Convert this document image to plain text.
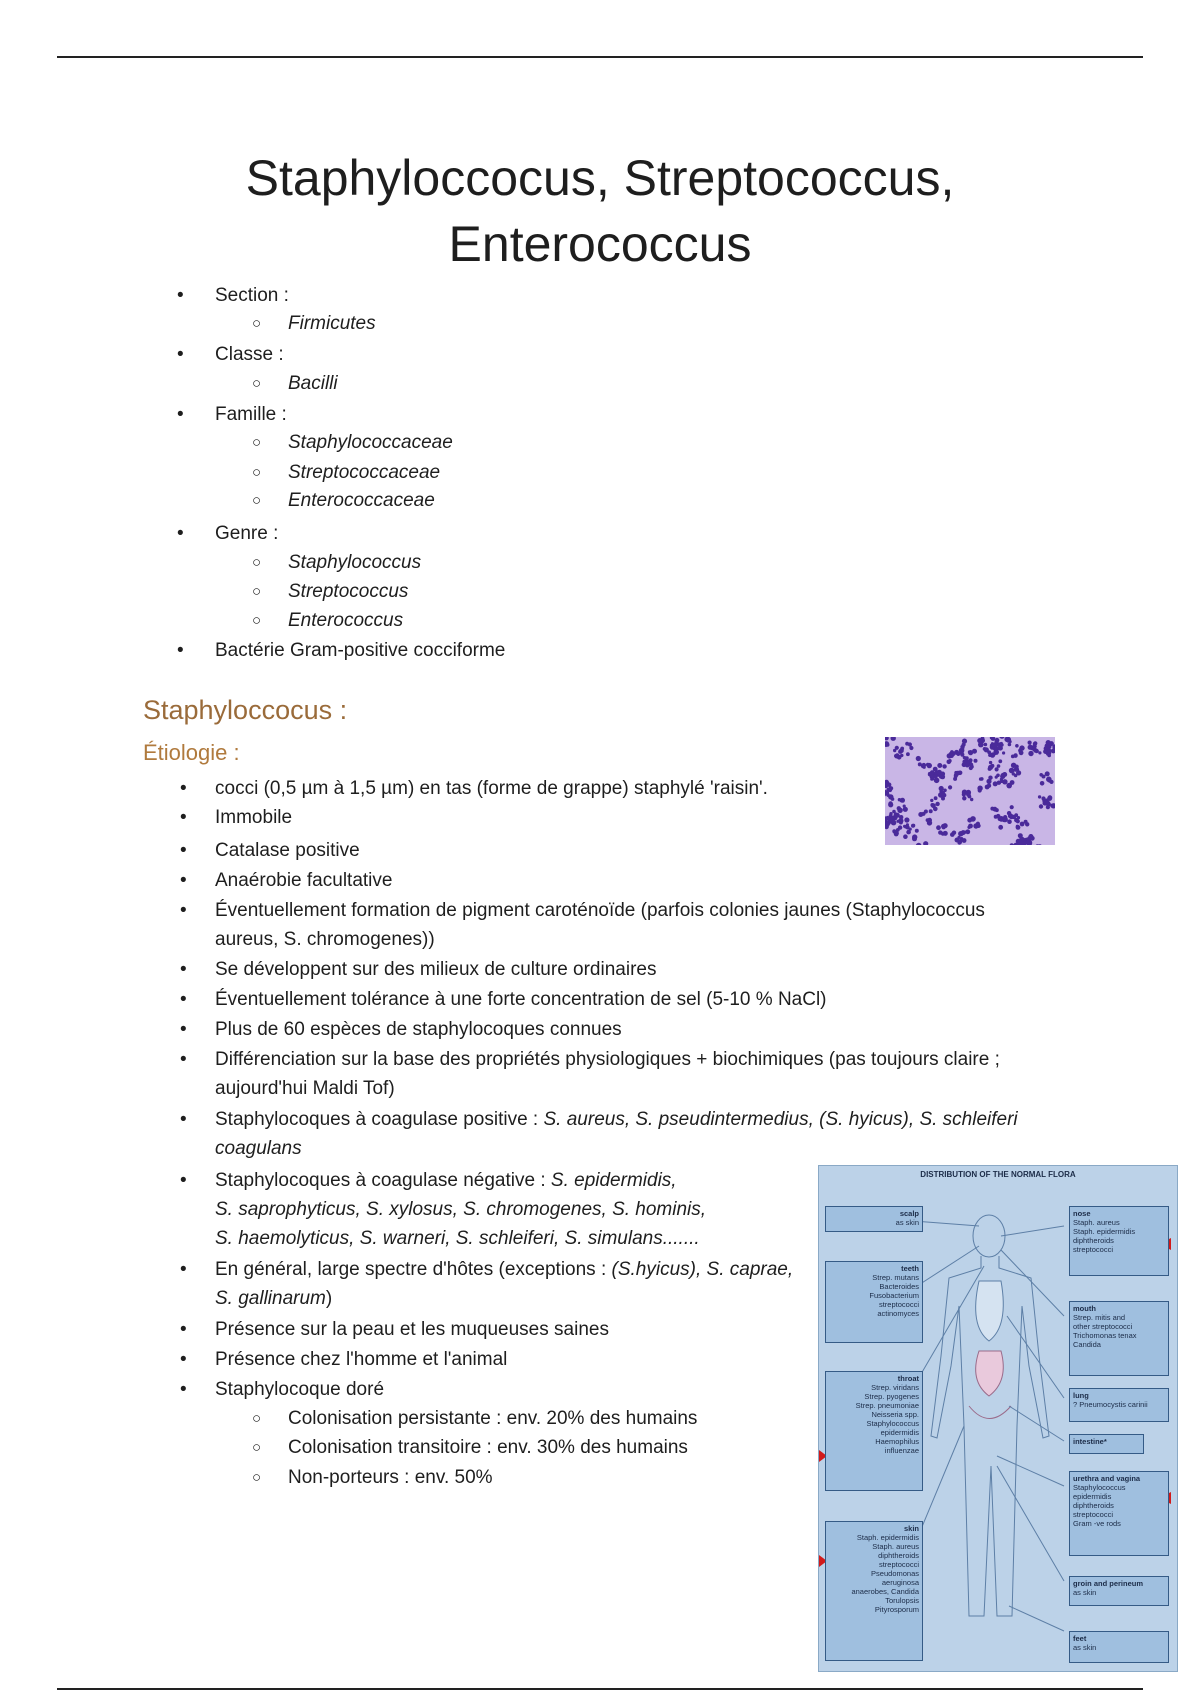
Staphyloccocus, Streptococcus,
Enterococcus
Section :
○ Firmicutes
Classe :
○ Bacilli
Famille :
○ Staphylococcaceae
○ Streptococcaceae
○ Enterococcaceae
Genre :
○ Staphylococcus
○ Streptococcus
○ Enterococcus
Bactérie Gram-positive cocciforme
Staphyloccocus :
Étiologie :
• cocci (0,5 µm à 1,5 µm) en tas (forme de grappe) staphylé 'raisin'.
• Immobile
• Catalase positive
• Anaérobie facultative
• Éventuellement formation de pigment caroténoïde (parfois colonies jaunes (Staphylococcus
aureus, S. chromogenes))
• Se développent sur des milieux de culture ordinaires
• Éventuellement tolérance à une forte concentration de sel (5-10 % NaCl)
• Plus de 60 espèces de staphylocoques connues
• Différenciation sur la base des propriétés physiologiques + biochimiques (pas toujours claire ;
aujourd'hui Maldi Tof)
• Staphylocoques à coagulase positive : S. aureus, S. pseudintermedius, (S. hyicus), S. schleiferi
coagulans
• Staphylocoques à coagulase négative : S. epidermidis,
S. saprophyticus, S. xylosus, S. chromogenes, S. hominis,
S. haemolyticus, S. warneri, S. schleiferi, S. simulans.......
• En général, large spectre d'hôtes (exceptions : (S.hyicus), S. caprae,
S. gallinarum)
• Présence sur la peau et les muqueuses saines
• Présence chez l'homme et l'animal
• Staphylocoque doré
○ Colonisation persistante : env. 20% des humains
○ Colonisation transitoire : env. 30% des humains
○ Non-porteurs : env. 50%
DISTRIBUTION OF THE NORMAL FLORA
scalp
as skin
teeth
Strep. mutans
Bacteroides
Fusobacterium
streptococci
actinomyces
throat
Strep. viridans
Strep. pyogenes
Strep. pneumoniae
Neisseria spp.
Staphylococcus
epidermidis
Haemophilus
influenzae
skin
Staph. epidermidis
Staph. aureus
diphtheroids
streptococci
Pseudomonas
aeruginosa
anaerobes, Candida
Torulopsis
Pityrosporum
nose
Staph. aureus
Staph. epidermidis
diphtheroids
streptococci
mouth
Strep. mitis and
other streptococci
Trichomonas tenax
Candida
lung
? Pneumocystis carinii
intestine*
urethra and vagina
Staphylococcus
epidermidis
diphtheroids
streptococci
Gram -ve rods
groin and perineum
as skin
feet
as skin
